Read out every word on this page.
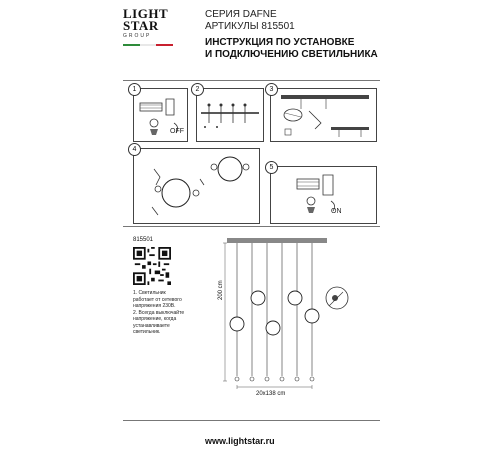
LIGHT
STAR
GROUP
СЕРИЯ DAFNE
АРТИКУЛЫ 815501
ИНСТРУКЦИЯ ПО УСТАНОВКЕ
И ПОДКЛЮЧЕНИЮ СВЕТИЛЬНИКА
1
OFF
2	3
4
5
ON
815501
1. Светильник
работает от сетевого
напряжения 230В.
2. Всегда выключайте
напряжение, когда
устанавливаете
светильник.
200 cm
20x138 cm
www.lightstar.ru
